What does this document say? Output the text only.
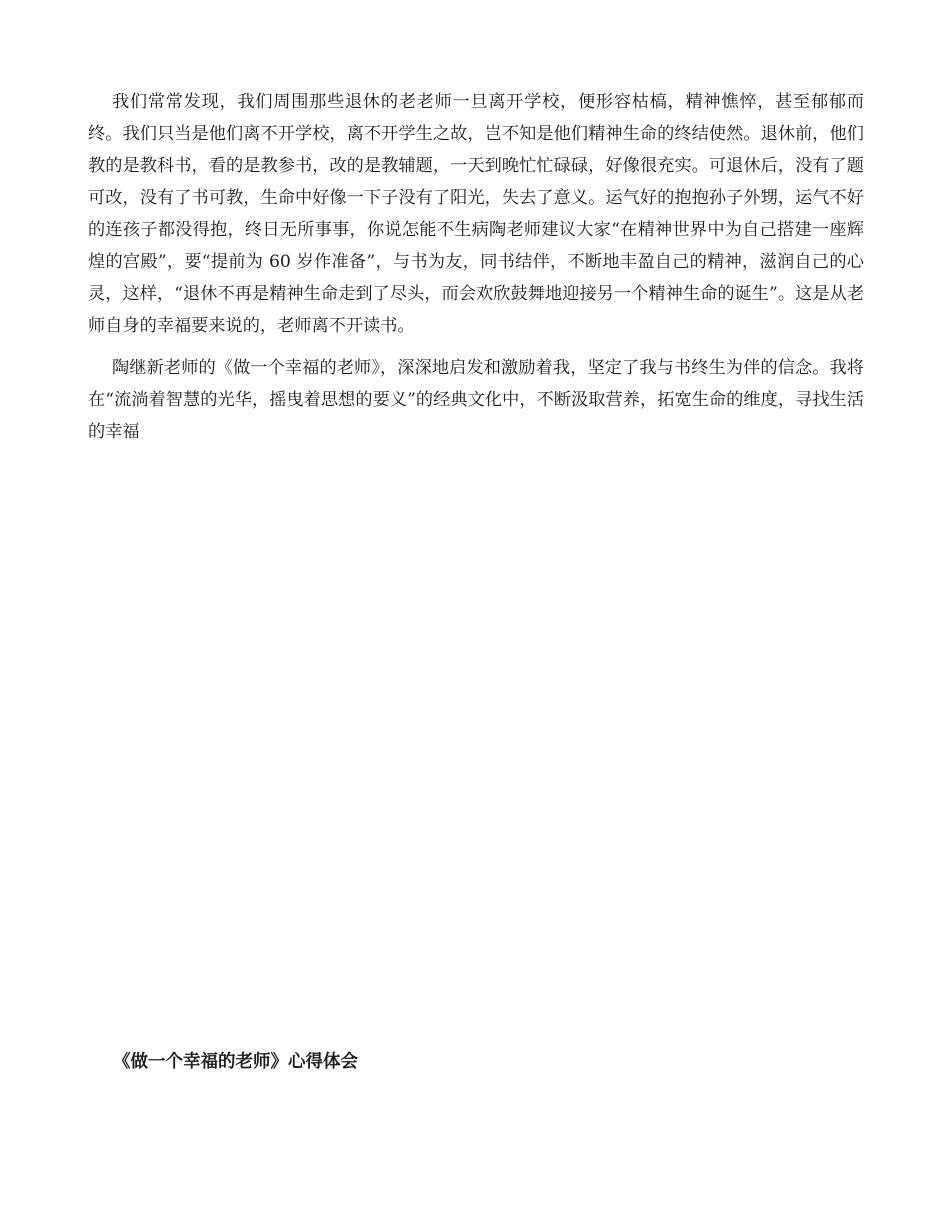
我们常常发现，我们周围那些退休的老老师一旦离开学校，便形容枯槁，精神憔悴，甚至郁郁而终。我们只当是他们离不开学校，离不开学生之故，岂不知是他们精神生命的终结使然。退休前，他们教的是教科书，看的是教参书，改的是教辅题，一天到晚忙忙碌碌，好像很充实。可退休后，没有了题可改，没有了书可教，生命中好像一下子没有了阳光，失去了意义。运气好的抱抱孙子外甥，运气不好的连孩子都没得抱，终日无所事事，你说怎能不生病陶老师建议大家“在精神世界中为自己搭建一座辉煌的宫殿”，要“提前为 60 岁作准备”，与书为友，同书结伴，不断地丰盈自己的精神，滋润自己的心灵，这样，“退休不再是精神生命走到了尽头，而会欢欣鼓舞地迎接另一个精神生命的诞生”。这是从老师自身的幸福要来说的，老师离不开读书。

陶继新老师的《做一个幸福的老师》，深深地启发和激励着我，坚定了我与书终生为伴的信念。我将在“流淌着智慧的光华，摇曳着思想的要义”的经典文化中，不断汲取营养，拓宽生命的维度，寻找生活的幸福

《做一个幸福的老师》心得体会
